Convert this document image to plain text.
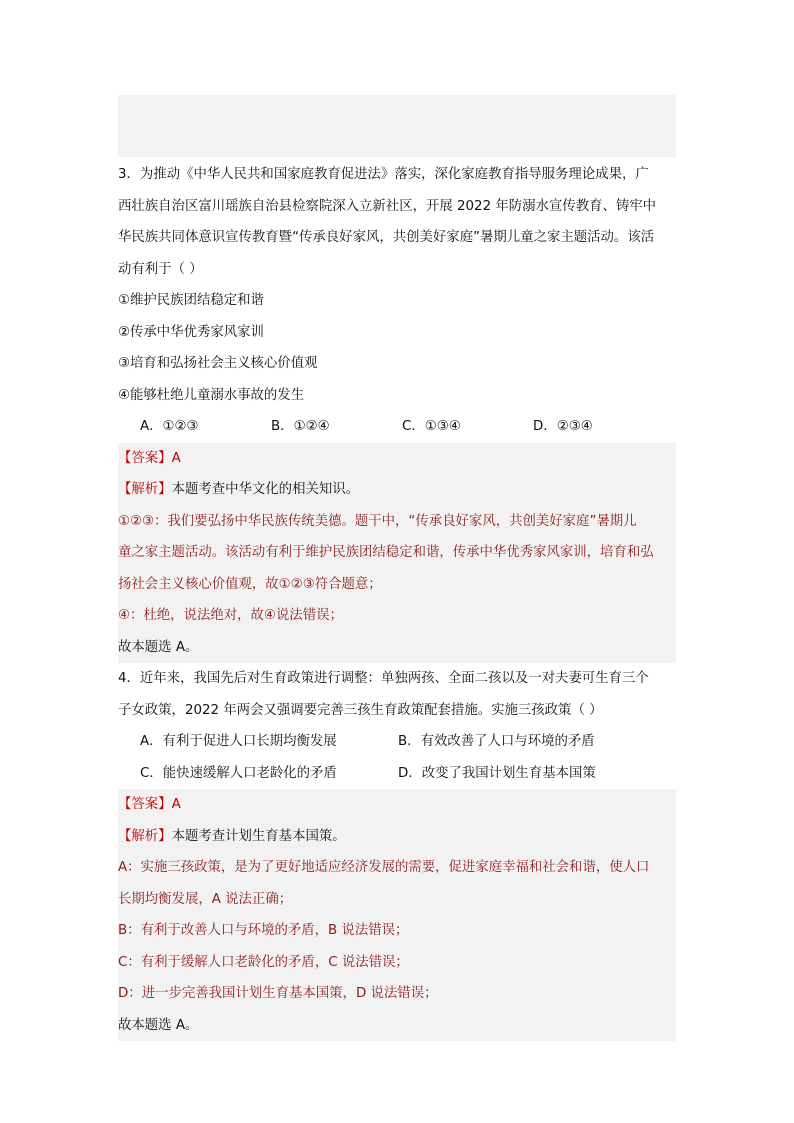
3．为推动《中华人民共和国家庭教育促进法》落实，深化家庭教育指导服务理论成果，广
西壮族自治区富川瑶族自治县检察院深入立新社区，开展 2022 年防溺水宣传教育、铸牢中
华民族共同体意识宣传教育暨“传承良好家风，共创美好家庭”暑期儿童之家主题活动。该活
动有利于（ ）
①维护民族团结稳定和谐
②传承中华优秀家风家训
③培育和弘扬社会主义核心价值观
④能够杜绝儿童溺水事故的发生
A．①②③	B．①②④	C．①③④	D．②③④
【答案】A
【解析】本题考查中华文化的相关知识。
①②③：我们要弘扬中华民族传统美德。题干中，“传承良好家风，共创美好家庭”暑期儿
童之家主题活动。该活动有利于维护民族团结稳定和谐，传承中华优秀家风家训，培育和弘
扬社会主义核心价值观，故①②③符合题意；
④：杜绝，说法绝对，故④说法错误；
故本题选 A。
4．近年来，我国先后对生育政策进行调整：单独两孩、全面二孩以及一对夫妻可生育三个
子女政策，2022 年两会又强调要完善三孩生育政策配套措施。实施三孩政策（ ）
A．有利于促进人口长期均衡发展	B．有效改善了人口与环境的矛盾
C．能快速缓解人口老龄化的矛盾	D．改变了我国计划生育基本国策
【答案】A
【解析】本题考查计划生育基本国策。
A：实施三孩政策，是为了更好地适应经济发展的需要，促进家庭幸福和社会和谐，使人口
长期均衡发展，A 说法正确；
B：有利于改善人口与环境的矛盾，B 说法错误；
C：有利于缓解人口老龄化的矛盾，C 说法错误；
D：进一步完善我国计划生育基本国策，D 说法错误；
故本题选 A。
